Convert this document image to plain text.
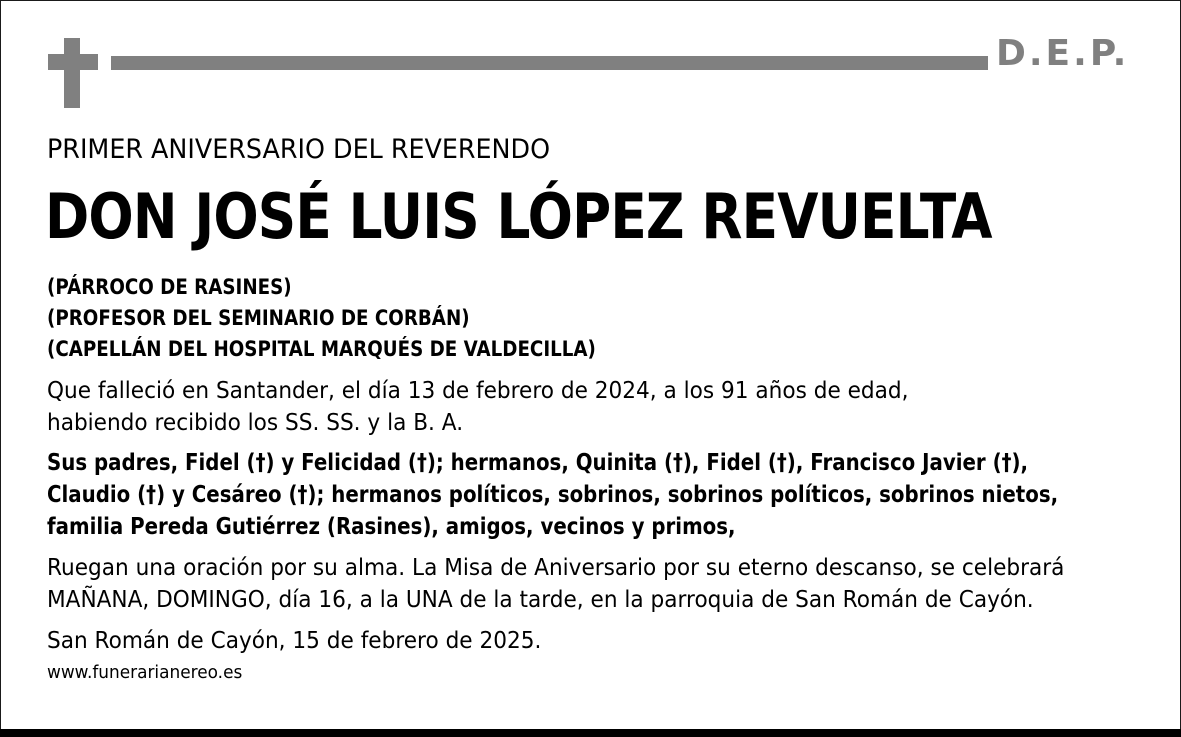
D.E.P.
PRIMER ANIVERSARIO DEL REVERENDO
DON JOSÉ LUIS LÓPEZ REVUELTA
(PÁRROCO DE RASINES)
(PROFESOR DEL SEMINARIO DE CORBÁN)
(CAPELLÁN DEL HOSPITAL MARQUÉS DE VALDECILLA)
Que falleció en Santander, el día 13 de febrero de 2024, a los 91 años de edad,
habiendo recibido los SS. SS. y la B. A.
Sus padres, Fidel (†) y Felicidad (†); hermanos, Quinita (†), Fidel (†), Francisco Javier (†),
Claudio (†) y Cesáreo (†); hermanos políticos, sobrinos, sobrinos políticos, sobrinos nietos,
familia Pereda Gutiérrez (Rasines), amigos, vecinos y primos,
Ruegan una oración por su alma. La Misa de Aniversario por su eterno descanso, se celebrará
MAÑANA, DOMINGO, día 16, a la UNA de la tarde, en la parroquia de San Román de Cayón.
San Román de Cayón, 15 de febrero de 2025.
www.funerarianereo.es
